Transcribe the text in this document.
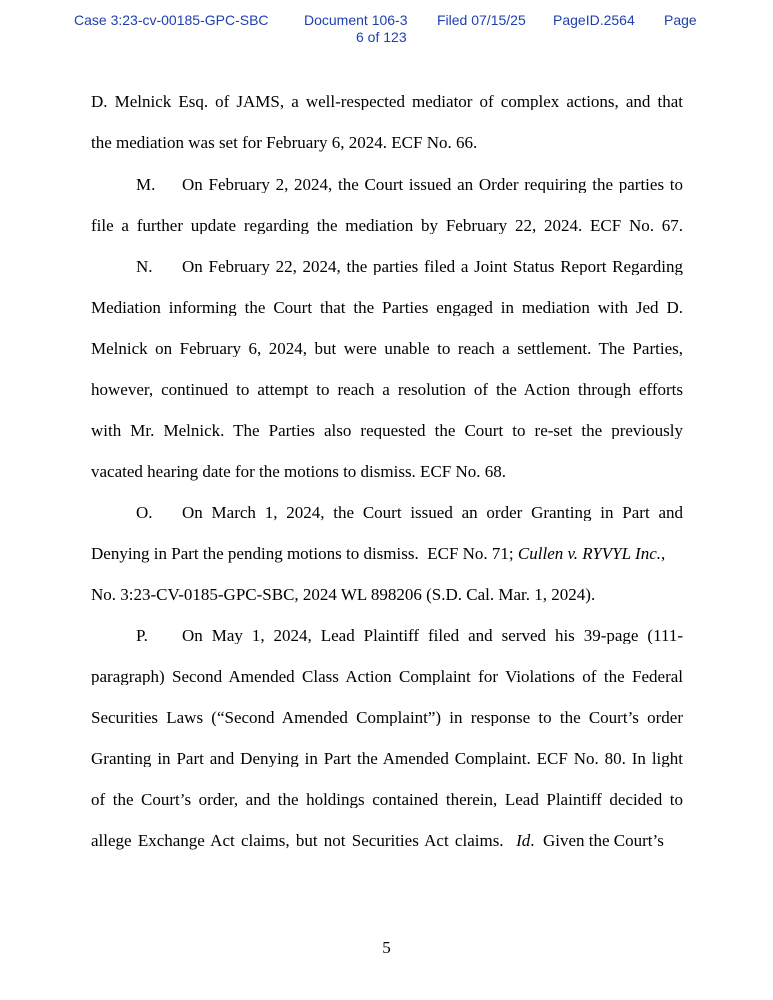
Case 3:23-cv-00185-GPC-SBC	Document 106-3 Filed 07/15/25 PageID.2564 Page
6 of 123
D. Melnick Esq. of JAMS, a well-respected mediator of complex actions, and that
the mediation was set for February 6, 2024. ECF No. 66.
M. On February 2, 2024, the Court issued an Order requiring the parties to
file a further update regarding the mediation by February 22, 2024. ECF No. 67.
N. On February 22, 2024, the parties filed a Joint Status Report Regarding
Mediation informing the Court that the Parties engaged in mediation with Jed D.
Melnick on February 6, 2024, but were unable to reach a settlement. The Parties,
however, continued to attempt to reach a resolution of the Action through efforts
with Mr. Melnick. The Parties also requested the Court to re-set the previously
vacated hearing date for the motions to dismiss. ECF No. 68.
O. On March 1, 2024, the Court issued an order Granting in Part and
Denying in Part the pending motions to dismiss.  ECF No. 71; Cullen v. RYVYL Inc.,
No. 3:23-CV-0185-GPC-SBC, 2024 WL 898206 (S.D. Cal. Mar. 1, 2024).
P. On May 1, 2024, Lead Plaintiff filed and served his 39-page (111-
paragraph) Second Amended Class Action Complaint for Violations of the Federal
Securities Laws (“Second Amended Complaint”) in response to the Court’s order
Granting in Part and Denying in Part the Amended Complaint. ECF No. 80. In light
of the Court’s order, and the holdings contained therein, Lead Plaintiff decided to
allege Exchange Act claims, but not Securities Act claims.  Id.  Given the Court’s
5
